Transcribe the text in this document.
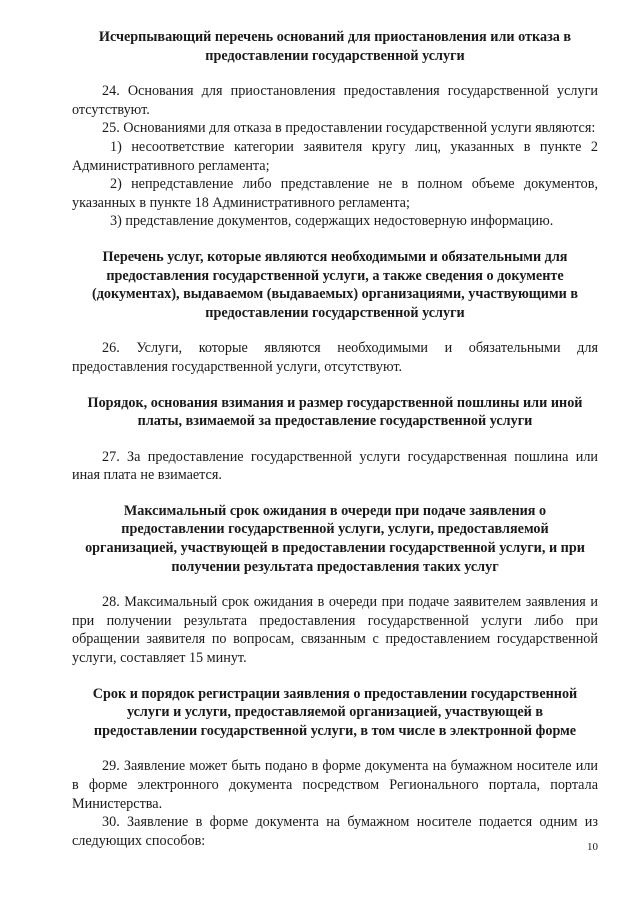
Исчерпывающий перечень оснований для приостановления или отказа в предоставлении государственной услуги

24. Основания для приостановления предоставления государственной услуги отсутствуют.

25. Основаниями для отказа в предоставлении государственной услуги являются:

1) несоответствие категории заявителя кругу лиц, указанных в пункте 2 Административного регламента;

2) непредставление либо представление не в полном объеме документов, указанных в пункте 18 Административного регламента;

3) представление документов, содержащих недостоверную информацию.

Перечень услуг, которые являются необходимыми и обязательными для предоставления государственной услуги, а также сведения о документе (документах), выдаваемом (выдаваемых) организациями, участвующими в предоставлении государственной услуги

26. Услуги, которые являются необходимыми и обязательными для предоставления государственной услуги, отсутствуют.

Порядок, основания взимания и размер государственной пошлины или иной платы, взимаемой за предоставление государственной услуги

27. За предоставление государственной услуги государственная пошлина или иная плата не взимается.

Максимальный срок ожидания в очереди при подаче заявления о предоставлении государственной услуги, услуги, предоставляемой организацией, участвующей в предоставлении государственной услуги, и при получении результата предоставления таких услуг

28. Максимальный срок ожидания в очереди при подаче заявителем заявления и при получении результата предоставления государственной услуги либо при обращении заявителя по вопросам, связанным с предоставлением государственной услуги, составляет 15 минут.

Срок и порядок регистрации заявления о предоставлении государственной услуги и услуги, предоставляемой организацией, участвующей в предоставлении государственной услуги, в том числе в электронной форме

29. Заявление может быть подано в форме документа на бумажном носителе или в форме электронного документа посредством Регионального портала, портала Министерства.

30. Заявление в форме документа на бумажном носителе подается одним из следующих способов:	10
